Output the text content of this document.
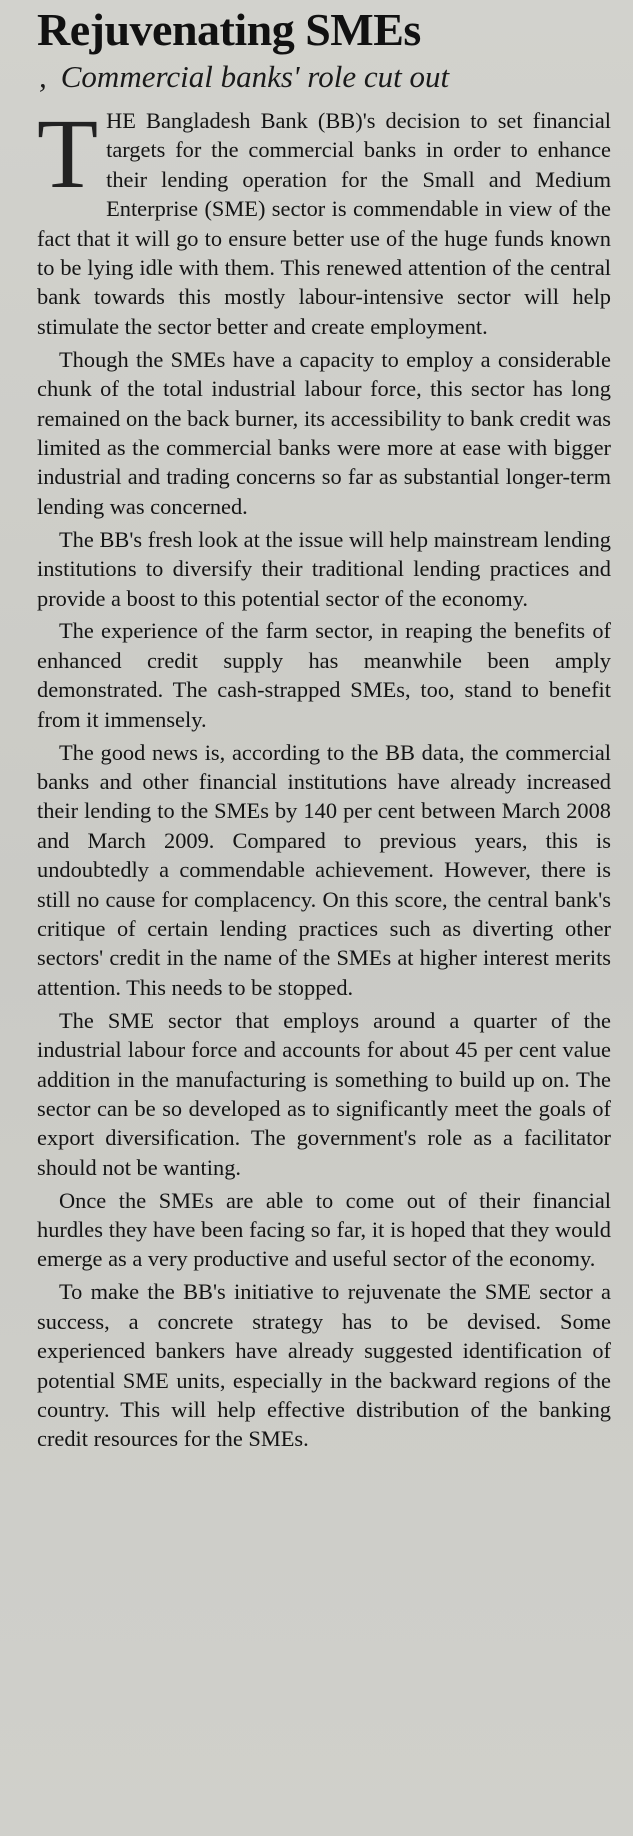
Rejuvenating SMEs
, Commercial banks' role cut out

THE Bangladesh Bank (BB)'s decision to set financial targets for the commercial banks in order to enhance their lending operation for the Small and Medium Enterprise (SME) sector is commendable in view of the fact that it will go to ensure better use of the huge funds known to be lying idle with them. This renewed attention of the central bank towards this mostly labour-intensive sector will help stimulate the sector better and create employment.

Though the SMEs have a capacity to employ a considerable chunk of the total industrial labour force, this sector has long remained on the back burner, its accessibility to bank credit was limited as the commercial banks were more at ease with bigger industrial and trading concerns so far as substantial longer-term lending was concerned.

The BB's fresh look at the issue will help mainstream lending institutions to diversify their traditional lending practices and provide a boost to this potential sector of the economy.

The experience of the farm sector, in reaping the benefits of enhanced credit supply has meanwhile been amply demonstrated. The cash-strapped SMEs, too, stand to benefit from it immensely.

The good news is, according to the BB data, the commercial banks and other financial institutions have already increased their lending to the SMEs by 140 per cent between March 2008 and March 2009. Compared to previous years, this is undoubtedly a commendable achievement. However, there is still no cause for complacency. On this score, the central bank's critique of certain lending practices such as diverting other sectors' credit in the name of the SMEs at higher interest merits attention. This needs to be stopped.

The SME sector that employs around a quarter of the industrial labour force and accounts for about 45 per cent value addition in the manufacturing is something to build up on. The sector can be so developed as to significantly meet the goals of export diversification. The government's role as a facilitator should not be wanting.

Once the SMEs are able to come out of their financial hurdles they have been facing so far, it is hoped that they would emerge as a very productive and useful sector of the economy.

To make the BB's initiative to rejuvenate the SME sector a success, a concrete strategy has to be devised. Some experienced bankers have already suggested identification of potential SME units, especially in the backward regions of the country. This will help effective distribution of the banking credit resources for the SMEs.
